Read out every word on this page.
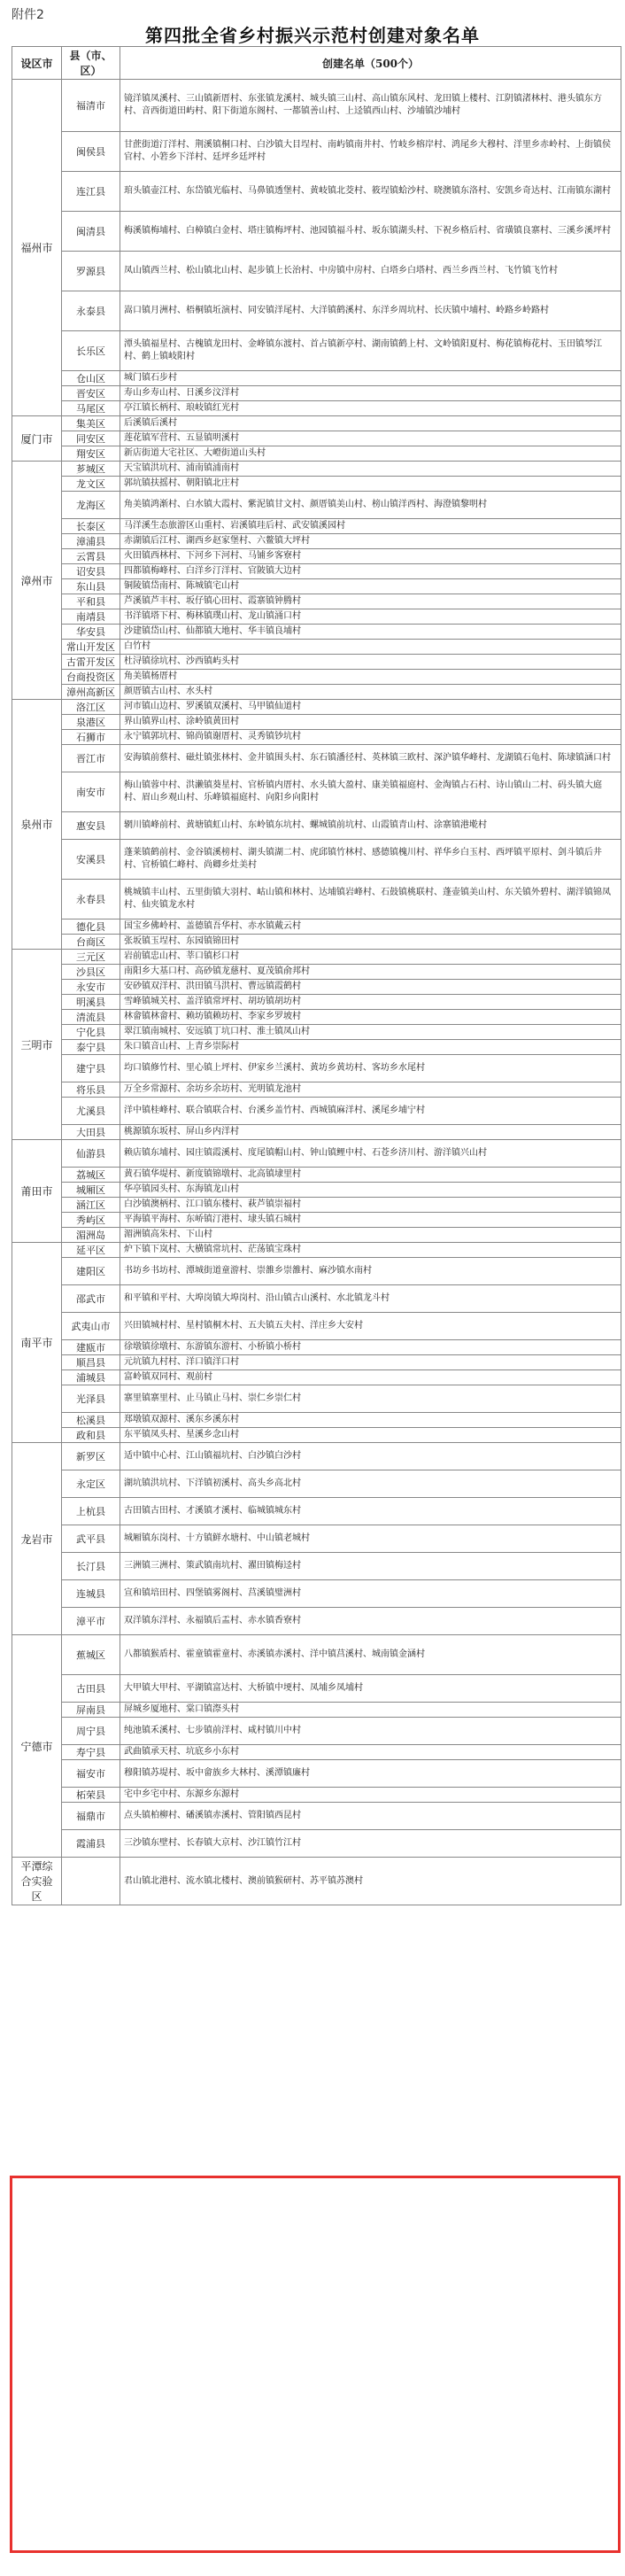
附件2
第四批全省乡村振兴示范村创建对象名单
设区市	县（市、区）	创建名单（500个）
福州市	福清市	镜洋镇凤溪村、三山镇新厝村、东张镇龙溪村、城头镇三山村、高山镇东风村、龙田镇上楼村、江阴镇渚林村、港头镇东方村、音西街道田屿村、阳下街道东阁村、一都镇善山村、上迳镇西山村、沙埔镇沙埔村
	闽侯县	甘蔗街道汀洋村、荆溪镇桐口村、白沙镇大目埕村、南屿镇南井村、竹岐乡榕岸村、鸿尾乡大穆村、洋里乡赤岭村、上街镇侯官村、小箬乡下洋村、廷坪乡廷坪村
	连江县	琯头镇壶江村、东岱镇光临村、马鼻镇透堡村、黄岐镇北茭村、筱埕镇蛤沙村、晓澳镇东洛村、安凯乡奇达村、江南镇东湖村
	闽清县	梅溪镇梅埔村、白樟镇白金村、塔庄镇梅坪村、池园镇福斗村、坂东镇湖头村、下祝乡格后村、省璜镇良寨村、三溪乡溪坪村
	罗源县	凤山镇西兰村、松山镇北山村、起步镇上长治村、中房镇中房村、白塔乡白塔村、西兰乡西兰村、飞竹镇飞竹村
	永泰县	嵩口镇月洲村、梧桐镇坵演村、同安镇洋尾村、大洋镇鹤溪村、东洋乡周坑村、长庆镇中埔村、岭路乡岭路村
	长乐区	潭头镇福星村、古槐镇龙田村、金峰镇东渡村、首占镇新亭村、湖南镇鹤上村、文岭镇阳夏村、梅花镇梅花村、玉田镇琴江村、鹤上镇岐阳村
	仓山区	城门镇石步村
	晋安区	寿山乡寿山村、日溪乡汶洋村
	马尾区	亭江镇长柄村、琅岐镇红光村
厦门市	集美区	后溪镇后溪村
	同安区	莲花镇军营村、五显镇明溪村
	翔安区	新店街道大宅社区、大嶝街道山头村
漳州市	芗城区	天宝镇洪坑村、浦南镇浦南村
	龙文区	郭坑镇扶摇村、朝阳镇北庄村
	龙海区	角美镇鸿渐村、白水镇大霞村、紫泥镇甘文村、颜厝镇美山村、榜山镇洋西村、海澄镇黎明村
	长泰区	马洋溪生态旅游区山重村、岩溪镇珪后村、武安镇溪园村
	漳浦县	赤湖镇后江村、湖西乡赵家堡村、六鳌镇大坪村
	云霄县	火田镇西林村、下河乡下河村、马铺乡客寮村
	诏安县	四都镇梅峰村、白洋乡汀洋村、官陂镇大边村
	东山县	铜陵镇岱南村、陈城镇宅山村
	平和县	芦溪镇芦丰村、坂仔镇心田村、霞寨镇钟腾村
	南靖县	书洋镇塔下村、梅林镇璞山村、龙山镇涌口村
	华安县	沙建镇岱山村、仙都镇大地村、华丰镇良埔村
	常山开发区	白竹村
	古雷开发区	杜浔镇徐坑村、沙西镇屿头村
	台商投资区	角美镇杨厝村
	漳州高新区	颜厝镇古山村、水头村
泉州市	洛江区	河市镇山边村、罗溪镇双溪村、马甲镇仙道村
	泉港区	界山镇界山村、涂岭镇黄田村
	石狮市	永宁镇郭坑村、锦尚镇谢厝村、灵秀镇钞坑村
	晋江市	安海镇前蔡村、磁灶镇张林村、金井镇围头村、东石镇潘径村、英林镇三欧村、深沪镇华峰村、龙湖镇石龟村、陈埭镇涵口村
	南安市	梅山镇蓉中村、洪濑镇葵星村、官桥镇内厝村、水头镇大盈村、康美镇福庭村、金淘镇占石村、诗山镇山二村、码头镇大庭村、眉山乡观山村、乐峰镇福庭村、向阳乡向阳村
	惠安县	辋川镇峰前村、黄塘镇虹山村、东岭镇东坑村、螺城镇前坑村、山霞镇青山村、涂寨镇港墘村
	安溪县	蓬莱镇鹤前村、金谷镇溪榜村、湖头镇湖二村、虎邱镇竹林村、感德镇槐川村、祥华乡白玉村、西坪镇平原村、剑斗镇后井村、官桥镇仁峰村、尚卿乡灶美村
	永春县	桃城镇丰山村、五里街镇大羽村、岵山镇和林村、达埔镇岩峰村、石鼓镇桃联村、蓬壶镇美山村、东关镇外碧村、湖洋镇锦凤村、仙夹镇龙水村
	德化县	国宝乡佛岭村、盖德镇吾华村、赤水镇戴云村
	台商区	张坂镇玉埕村、东园镇锦田村
三明市	三元区	岩前镇忠山村、莘口镇杉口村
	沙县区	南阳乡大基口村、高砂镇龙慈村、夏茂镇俞邦村
	永安市	安砂镇双洋村、洪田镇马洪村、曹远镇霞鹤村
	明溪县	雪峰镇城关村、盖洋镇常坪村、胡坊镇胡坊村
	清流县	林畲镇林畲村、赖坊镇赖坊村、李家乡罗坡村
	宁化县	翠江镇南城村、安远镇丁坑口村、淮土镇凤山村
	泰宁县	朱口镇音山村、上青乡崇际村
	建宁县	均口镇修竹村、里心镇上坪村、伊家乡兰溪村、黄坊乡黄坊村、客坊乡水尾村
	将乐县	万全乡常源村、余坊乡余坊村、光明镇龙池村
	尤溪县	洋中镇桂峰村、联合镇联合村、台溪乡盖竹村、西城镇麻洋村、溪尾乡埔宁村
	大田县	桃源镇东坂村、屏山乡内洋村
莆田市	仙游县	赖店镇东埔村、园庄镇霞溪村、度尾镇帽山村、钟山镇鲤中村、石苍乡济川村、游洋镇兴山村
	荔城区	黄石镇华堤村、新度镇锦墩村、北高镇埭里村
	城厢区	华亭镇园头村、东海镇龙山村
	涵江区	白沙镇澳柄村、江口镇东楼村、萩芦镇崇福村
	秀屿区	平海镇平海村、东峤镇汀港村、埭头镇石城村
	湄洲岛	湄洲镇高朱村、下山村
南平市	延平区	炉下镇下岚村、大横镇常坑村、茫荡镇宝珠村
	建阳区	书坊乡书坊村、潭城街道童游村、崇雒乡崇雒村、麻沙镇水南村
	邵武市	和平镇和平村、大埠岗镇大埠岗村、沿山镇古山溪村、水北镇龙斗村
	武夷山市	兴田镇城村村、星村镇桐木村、五夫镇五夫村、洋庄乡大安村
	建瓯市	徐墩镇徐墩村、东游镇东游村、小桥镇小桥村
	顺昌县	元坑镇九村村、洋口镇洋口村
	浦城县	富岭镇双同村、观前村
	光泽县	寨里镇寨里村、止马镇止马村、崇仁乡崇仁村
	松溪县	郑墩镇双源村、溪东乡溪东村
	政和县	东平镇凤头村、星溪乡念山村
龙岩市	新罗区	适中镇中心村、江山镇福坑村、白沙镇白沙村
	永定区	湖坑镇洪坑村、下洋镇初溪村、高头乡高北村
	上杭县	古田镇古田村、才溪镇才溪村、临城镇城东村
	武平县	城厢镇东岗村、十方镇鲜水塘村、中山镇老城村
	长汀县	三洲镇三洲村、策武镇南坑村、濯田镇梅迳村
	连城县	宣和镇培田村、四堡镇雾阁村、莒溪镇璧洲村
	漳平市	双洋镇东洋村、永福镇后盂村、赤水镇香寮村
宁德市	蕉城区	八都镇猴盾村、霍童镇霍童村、赤溪镇赤溪村、洋中镇莒溪村、城南镇金涵村
	古田县	大甲镇大甲村、平湖镇富达村、大桥镇中埂村、凤埔乡凤埔村
	屏南县	屏城乡厦地村、棠口镇漈头村
	周宁县	纯池镇禾溪村、七步镇前洋村、咸村镇川中村
	寿宁县	武曲镇承天村、坑底乡小东村
	福安市	穆阳镇苏堤村、坂中畲族乡大林村、溪潭镇廉村
	柘荣县	宅中乡宅中村、东源乡东源村
	福鼎市	点头镇柏柳村、磻溪镇赤溪村、管阳镇西昆村
	霞浦县	三沙镇东壁村、长春镇大京村、沙江镇竹江村
平潭综合实验区		君山镇北港村、流水镇北楼村、澳前镇猴研村、苏平镇苏澳村
